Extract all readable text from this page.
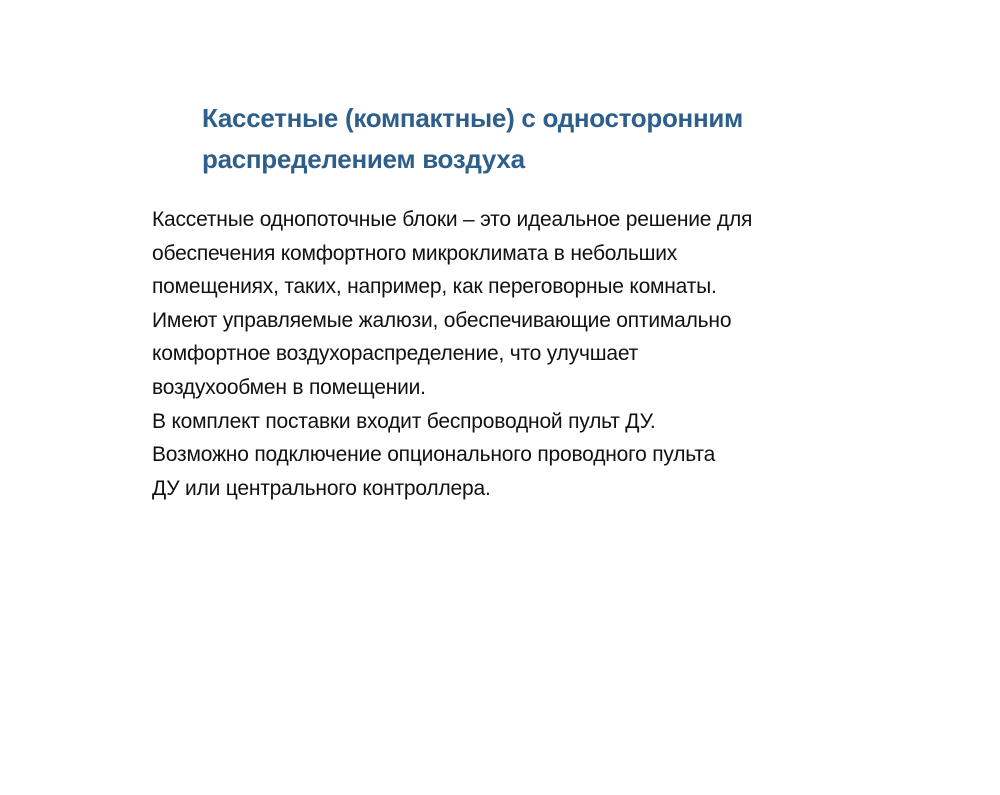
Кассетные (компактные) с односторонним
распределением воздуха
Кассетные однопоточные блоки – это идеальное решение для
обеспечения комфортного микроклимата в небольших
помещениях, таких, например, как переговорные комнаты.
Имеют управляемые жалюзи, обеспечивающие оптимально
комфортное воздухораспределение, что улучшает
воздухообмен в помещении.
В комплект поставки входит беспроводной пульт ДУ.
Возможно подключение опционального проводного пульта
ДУ или центрального контроллера.
